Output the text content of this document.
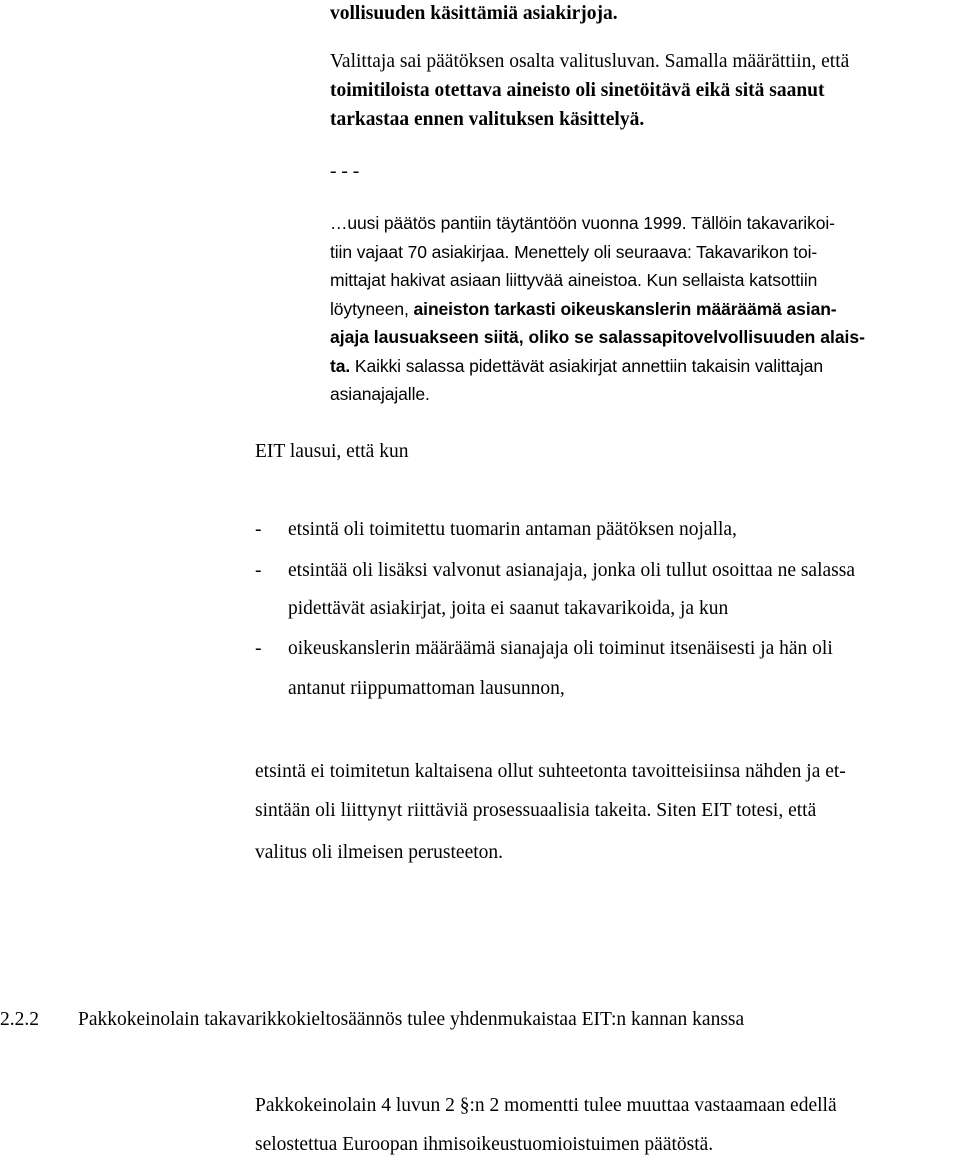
vollisuuden käsittämiä asiakirjoja.
Valittaja sai päätöksen osalta valitusluvan. Samalla määrättiin, että
toimitiloista otettava aineisto oli sinetöitävä eikä sitä saanut
tarkastaa ennen valituksen käsittelyä.
- - -
…uusi päätös pantiin täytäntöön vuonna 1999. Tällöin takavarikoi-
tiin vajaat 70 asiakirjaa. Menettely oli seuraava: Takavarikon toi-
mittajat hakivat asiaan liittyvää aineistoa. Kun sellaista katsottiin
löytyneen, aineiston tarkasti oikeuskanslerin määräämä asian-
ajaja lausuakseen siitä, oliko se salassapitovelvollisuuden alais-
ta. Kaikki salassa pidettävät asiakirjat annettiin takaisin valittajan
asianajajalle.
EIT lausui, että kun
- etsintä oli toimitettu tuomarin antaman päätöksen nojalla,
- etsintää oli lisäksi valvonut asianajaja, jonka oli tullut osoittaa ne salassa
pidettävät asiakirjat, joita ei saanut takavarikoida, ja kun
- oikeuskanslerin määräämä sianajaja oli toiminut itsenäisesti ja hän oli
antanut riippumattoman lausunnon,
etsintä ei toimitetun kaltaisena ollut suhteetonta tavoitteisiinsa nähden ja et-
sintään oli liittynyt riittäviä prosessuaalisia takeita. Siten EIT totesi, että
valitus oli ilmeisen perusteeton.
2.2.2 Pakkokeinolain takavarikkokieltosäännös tulee yhdenmukaistaa EIT:n kannan kanssa
Pakkokeinolain 4 luvun 2 §:n 2 momentti tulee muuttaa vastaamaan edellä
selostettua Euroopan ihmisoikeustuomioistuimen päätöstä.
